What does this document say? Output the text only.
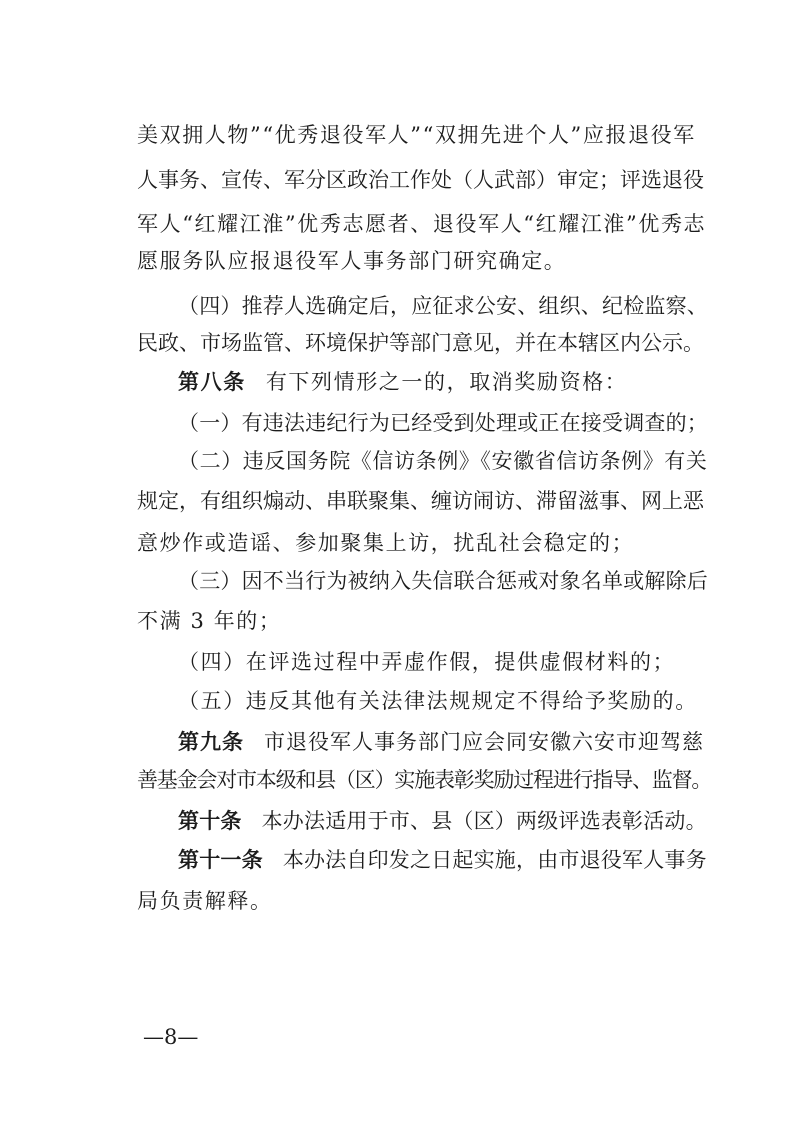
美双拥人物”“优秀退役军人”“双拥先进个人”应报退役军
人事务、宣传、军分区政治工作处（人武部）审定；评选退役
军人“红耀江淮”优秀志愿者、退役军人“红耀江淮”优秀志
愿服务队应报退役军人事务部门研究确定。
（四）推荐人选确定后，应征求公安、组织、纪检监察、
民政、市场监管、环境保护等部门意见，并在本辖区内公示。
第八条 有下列情形之一的，取消奖励资格：
（一）有违法违纪行为已经受到处理或正在接受调查的；
（二）违反国务院《信访条例》《安徽省信访条例》有关
规定，有组织煽动、串联聚集、缠访闹访、滞留滋事、网上恶
意炒作或造谣、参加聚集上访，扰乱社会稳定的；
（三）因不当行为被纳入失信联合惩戒对象名单或解除后
不满 3 年的；
（四）在评选过程中弄虚作假，提供虚假材料的；
（五）违反其他有关法律法规规定不得给予奖励的。
第九条 市退役军人事务部门应会同安徽六安市迎驾慈
善基金会对市本级和县（区）实施表彰奖励过程进行指导、监督。
第十条 本办法适用于市、县（区）两级评选表彰活动。
第十一条 本办法自印发之日起实施，由市退役军人事务
局负责解释。
—8—
